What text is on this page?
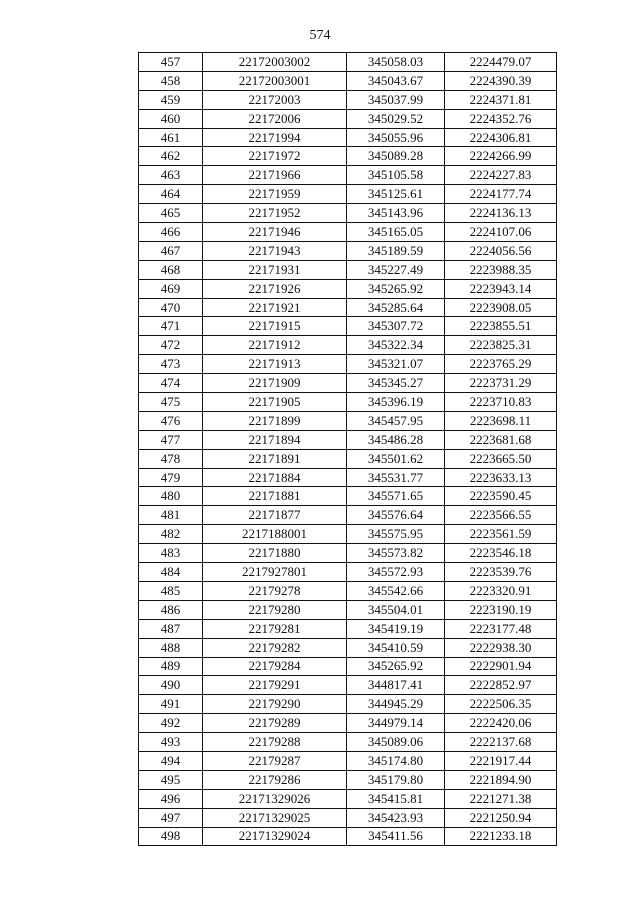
574
457	22172003002	345058.03	2224479.07
458	22172003001	345043.67	2224390.39
459	22172003	345037.99	2224371.81
460	22172006	345029.52	2224352.76
461	22171994	345055.96	2224306.81
462	22171972	345089.28	2224266.99
463	22171966	345105.58	2224227.83
464	22171959	345125.61	2224177.74
465	22171952	345143.96	2224136.13
466	22171946	345165.05	2224107.06
467	22171943	345189.59	2224056.56
468	22171931	345227.49	2223988.35
469	22171926	345265.92	2223943.14
470	22171921	345285.64	2223908.05
471	22171915	345307.72	2223855.51
472	22171912	345322.34	2223825.31
473	22171913	345321.07	2223765.29
474	22171909	345345.27	2223731.29
475	22171905	345396.19	2223710.83
476	22171899	345457.95	2223698.11
477	22171894	345486.28	2223681.68
478	22171891	345501.62	2223665.50
479	22171884	345531.77	2223633.13
480	22171881	345571.65	2223590.45
481	22171877	345576.64	2223566.55
482	2217188001	345575.95	2223561.59
483	22171880	345573.82	2223546.18
484	2217927801	345572.93	2223539.76
485	22179278	345542.66	2223320.91
486	22179280	345504.01	2223190.19
487	22179281	345419.19	2223177.48
488	22179282	345410.59	2222938.30
489	22179284	345265.92	2222901.94
490	22179291	344817.41	2222852.97
491	22179290	344945.29	2222506.35
492	22179289	344979.14	2222420.06
493	22179288	345089.06	2222137.68
494	22179287	345174.80	2221917.44
495	22179286	345179.80	2221894.90
496	22171329026	345415.81	2221271.38
497	22171329025	345423.93	2221250.94
498	22171329024	345411.56	2221233.18
